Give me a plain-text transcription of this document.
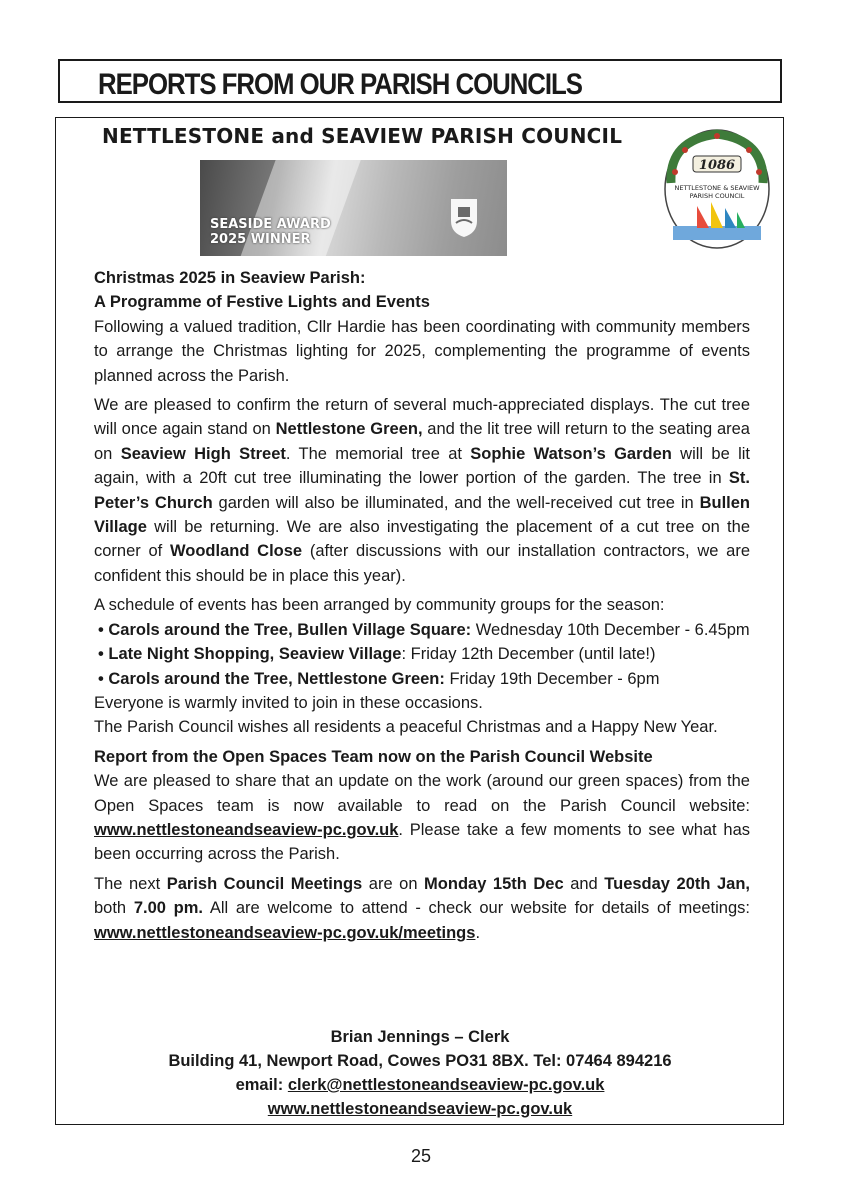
REPORTS FROM OUR PARISH COUNCILS
NETTLESTONE and SEAVIEW PARISH COUNCIL
SEASIDE AWARD
2025 WINNER
1086
NETTLESTONE & SEAVIEW
PARISH COUNCIL

Christmas 2025 in Seaview Parish:

A Programme of Festive Lights and Events

Following a valued tradition, Cllr Hardie has been coordinating with community members to arrange the Christmas lighting for 2025, complementing the programme of events planned across the Parish.

We are pleased to confirm the return of several much-appreciated displays. The cut tree will once again stand on Nettlestone Green, and the lit tree will return to the seating area on Seaview High Street. The memorial tree at Sophie Watson’s Garden will be lit again, with a 20ft cut tree illuminating the lower portion of the garden. The tree in St. Peter’s Church garden will also be illuminated, and the well-received cut tree in Bullen Village will be returning. We are also investigating the placement of a cut tree on the corner of Woodland Close (after discussions with our installation contractors, we are confident this should be in place this year).

A schedule of events has been arranged by community groups for the season:

• Carols around the Tree, Bullen Village Square: Wednesday 10th December - 6.45pm

• Late Night Shopping, Seaview Village: Friday 12th December (until late!)

• Carols around the Tree, Nettlestone Green: Friday 19th December - 6pm

Everyone is warmly invited to join in these occasions.

The Parish Council wishes all residents a peaceful Christmas and a Happy New Year.

Report from the Open Spaces Team now on the Parish Council Website

We are pleased to share that an update on the work (around our green spaces) from the Open Spaces team is now available to read on the Parish Council website: www.nettlestoneandseaview-pc.gov.uk. Please take a few moments to see what has been occurring across the Parish.

The next Parish Council Meetings are on Monday 15th Dec and Tuesday 20th Jan, both 7.00 pm. All are welcome to attend - check our website for details of meetings: www.nettlestoneandseaview-pc.gov.uk/meetings.

Brian Jennings – Clerk
Building 41, Newport Road, Cowes PO31 8BX. Tel: 07464 894216
email: clerk@nettlestoneandseaview-pc.gov.uk
www.nettlestoneandseaview-pc.gov.uk
25
